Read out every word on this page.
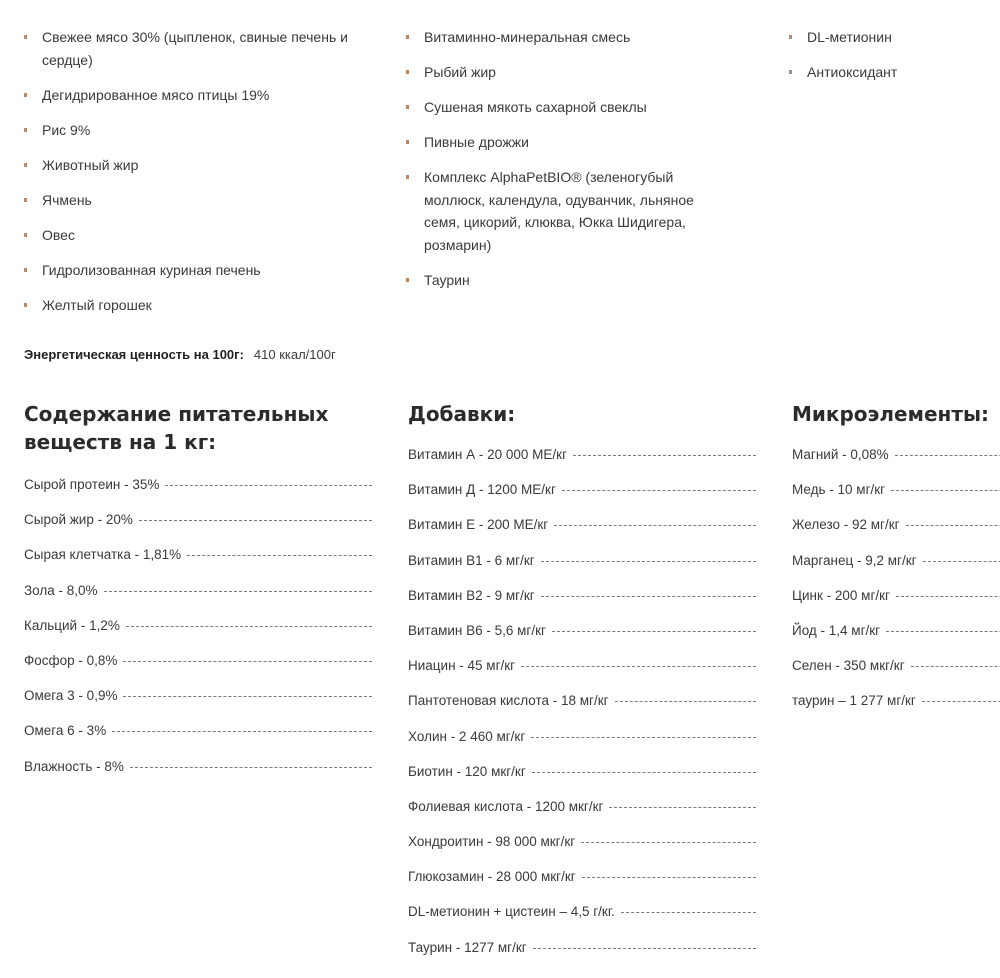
Свежее мясо 30% (цыпленок, свиные печень и сердце)
Дегидрированное мясо птицы 19%
Рис 9%
Животный жир
Ячмень
Овес
Гидролизованная куриная печень
Желтый горошек
Витаминно-минеральная смесь
Рыбий жир
Сушеная мякоть сахарной свеклы
Пивные дрожжи
Комплекс AlphaPetBIO® (зеленогубый моллюск, календула, одуванчик, льняное семя, цикорий, клюква, Юкка Шидигера, розмарин)
Таурин
DL-метионин
Антиоксидант
Энергетическая ценность на 100г: 410 ккал/100г
Содержание питательных веществ на 1 кг:
Сырой протеин - 35%
Сырой жир - 20%
Сырая клетчатка - 1,81%
Зола - 8,0%
Кальций - 1,2%
Фосфор - 0,8%
Омега 3 - 0,9%
Омега 6 - 3%
Влажность - 8%
Добавки:
Витамин А - 20 000 МЕ/кг
Витамин Д - 1200 МЕ/кг
Витамин Е - 200 МЕ/кг
Витамин В1 - 6 мг/кг
Витамин В2 - 9 мг/кг
Витамин В6 - 5,6 мг/кг
Ниацин - 45 мг/кг
Пантотеновая кислота - 18 мг/кг
Холин - 2 460 мг/кг
Биотин - 120 мкг/кг
Фолиевая кислота - 1200 мкг/кг
Хондроитин - 98 000 мкг/кг
Глюкозамин - 28 000 мкг/кг
DL-метионин + цистеин – 4,5 г/кг.
Таурин - 1277 мг/кг
Микроэлементы:
Магний - 0,08%
Медь - 10 мг/кг
Железо - 92 мг/кг
Марганец - 9,2 мг/кг
Цинк - 200 мг/кг
Йод - 1,4 мг/кг
Селен - 350 мкг/кг
таурин – 1 277 мг/кг
